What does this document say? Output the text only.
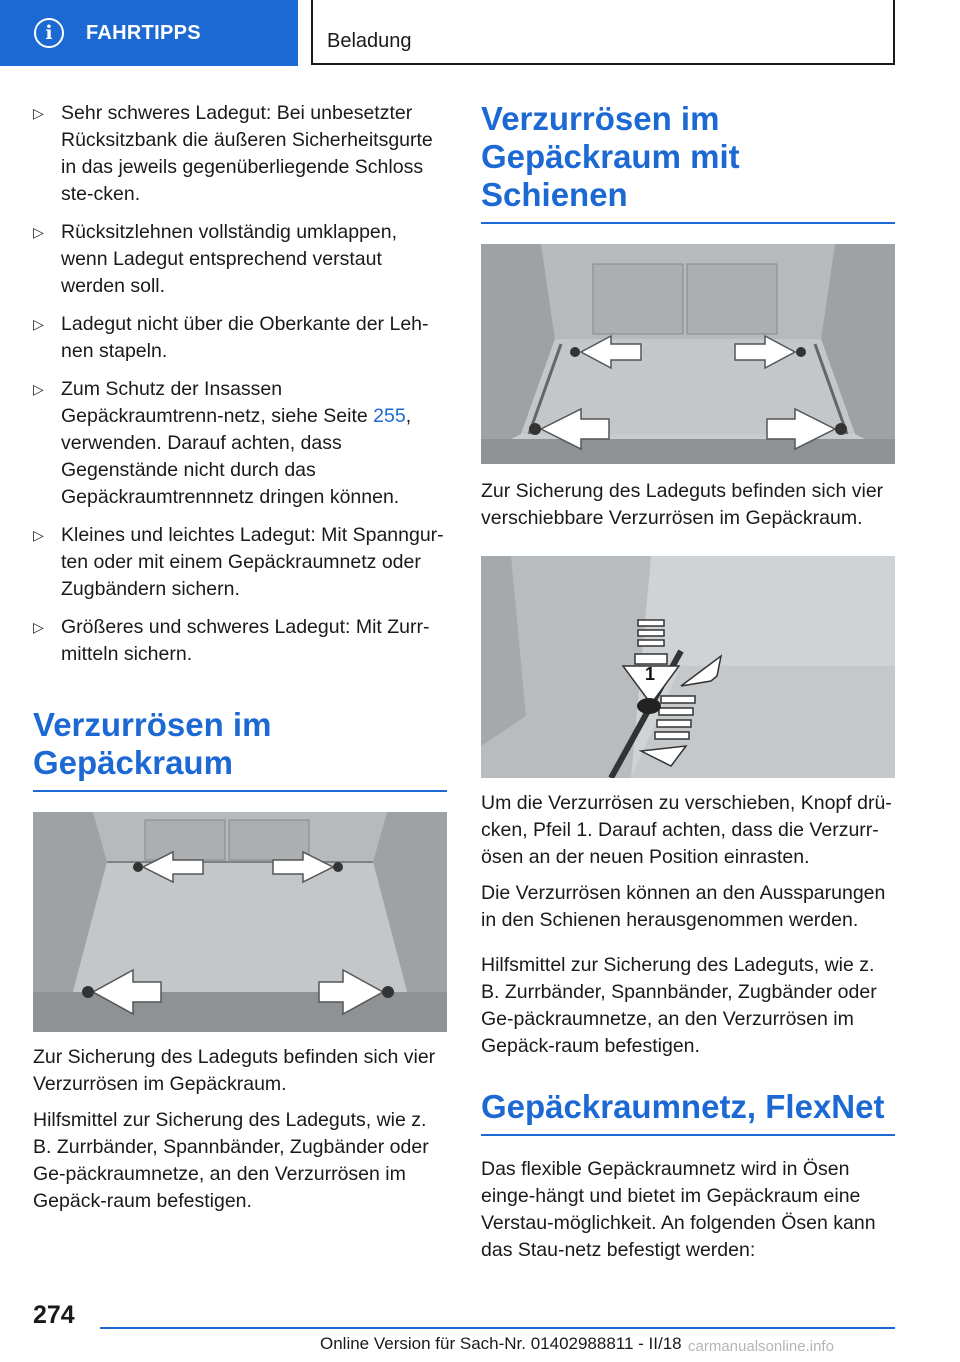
i	FAHRTIPPS	Beladung
▷ Sehr schweres Ladegut: Bei unbesetzter Rücksitzbank die äußeren Sicherheitsgurte in das jeweils gegenüberliegende Schloss ste-cken.
▷ Rücksitzlehnen vollständig umklappen, wenn Ladegut entsprechend verstaut werden soll.
▷ Ladegut nicht über die Oberkante der Leh-nen stapeln.
▷ Zum Schutz der Insassen Gepäckraumtrenn-netz, siehe Seite 255, verwenden. Darauf achten, dass Gegenstände nicht durch das Gepäckraumtrennnetz dringen können.
▷ Kleines und leichtes Ladegut: Mit Spanngur-ten oder mit einem Gepäckraumnetz oder Zugbändern sichern.
▷ Größeres und schweres Ladegut: Mit Zurr-mitteln sichern.
Verzurrösen im Gepäckraum

Zur Sicherung des Ladeguts befinden sich vier Verzurrösen im Gepäckraum.

Hilfsmittel zur Sicherung des Ladeguts, wie z. B. Zurrbänder, Spannbänder, Zugbänder oder Ge-päckraumnetze, an den Verzurrösen im Gepäck-raum befestigen.

Verzurrösen im Gepäckraum mit Schienen

Zur Sicherung des Ladeguts befinden sich vier verschiebbare Verzurrösen im Gepäckraum.

1

Um die Verzurrösen zu verschieben, Knopf drü-cken, Pfeil 1. Darauf achten, dass die Verzurr-ösen an der neuen Position einrasten.

Die Verzurrösen können an den Aussparungen in den Schienen herausgenommen werden.

Hilfsmittel zur Sicherung des Ladeguts, wie z. B. Zurrbänder, Spannbänder, Zugbänder oder Ge-päckraumnetze, an den Verzurrösen im Gepäck-raum befestigen.

Gepäckraumnetz, FlexNet

Das flexible Gepäckraumnetz wird in Ösen einge-hängt und bietet im Gepäckraum eine Verstau-möglichkeit. An folgenden Ösen kann das Stau-netz befestigt werden:

274
Online Version für Sach-Nr. 01402988811 - II/18 carmanualsonline.info
